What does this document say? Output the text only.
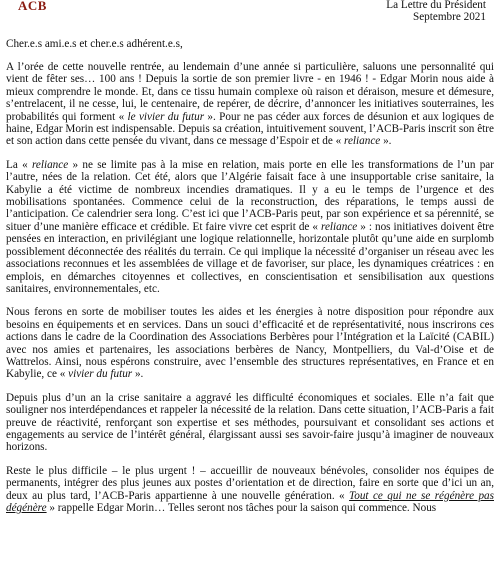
ACB	La Lettre du Président
Septembre 2021
Cher.e.s ami.e.s et cher.e.s adhérent.e.s,

A l’orée de cette nouvelle rentrée, au lendemain d’une année si particulière, saluons une personnalité qui vient de fêter ses… 100 ans ! Depuis la sortie de son premier livre - en 1946 ! - Edgar Morin nous aide à mieux comprendre le monde. Et, dans ce tissu humain complexe où raison et déraison, mesure et démesure, s’entrelacent, il ne cesse, lui, le centenaire, de repérer, de décrire, d’annoncer les initiatives souterraines, les probabilités qui forment « le vivier du futur ». Pour ne pas céder aux forces de désunion et aux logiques de haine, Edgar Morin est indispensable. Depuis sa création, intuitivement souvent, l’ACB-Paris inscrit son être et son action dans cette pensée du vivant, dans ce message d’Espoir et de « reliance ».

La « reliance » ne se limite pas à la mise en relation, mais porte en elle les transformations de l’un par l’autre, nées de la relation. Cet été, alors que l’Algérie faisait face à une insupportable crise sanitaire, la Kabylie a été victime de nombreux incendies dramatiques. Il y a eu le temps de l’urgence et des mobilisations spontanées. Commence celui de la reconstruction, des réparations, le temps aussi de l’anticipation. Ce calendrier sera long. C’est ici que l’ACB-Paris peut, par son expérience et sa pérennité, se situer d’une manière efficace et crédible. Et faire vivre cet esprit de « reliance » : nos initiatives doivent être pensées en interaction, en privilégiant une logique relationnelle, horizontale plutôt qu’une aide en surplomb possiblement déconnectée des réalités du terrain. Ce qui implique la nécessité d’organiser un réseau avec les associations reconnues et les assemblées de village et de favoriser, sur place, les dynamiques créatrices : en emplois, en démarches citoyennes et collectives, en conscientisation et sensibilisation aux questions sanitaires, environnementales, etc.

Nous ferons en sorte de mobiliser toutes les aides et les énergies à notre disposition pour répondre aux besoins en équipements et en services. Dans un souci d’efficacité et de représentativité, nous inscrirons ces actions dans le cadre de la Coordination des Associations Berbères pour l’Intégration et la Laïcité (CABIL) avec nos amies et partenaires, les associations berbères de Nancy, Montpelliers, du Val-d’Oise et de Wattrelos. Ainsi, nous espérons construire, avec l’ensemble des structures représentatives, en France et en Kabylie, ce « vivier du futur ».

Depuis plus d’un an la crise sanitaire a aggravé les difficulté économiques et sociales. Elle n’a fait que souligner nos interdépendances et rappeler la nécessité de la relation. Dans cette situation, l’ACB-Paris a fait preuve de réactivité, renforçant son expertise et ses méthodes, poursuivant et consolidant ses actions et engagements au service de l’intérêt général, élargissant aussi ses savoir-faire jusqu’à imaginer de nouveaux horizons.

Reste le plus difficile – le plus urgent ! – accueillir de nouveaux bénévoles, consolider nos équipes de permanents, intégrer des plus jeunes aux postes d’orientation et de direction, faire en sorte que d’ici un an, deux au plus tard, l’ACB-Paris appartienne à une nouvelle génération. « Tout ce qui ne se régénère pas dégénère » rappelle Edgar Morin… Telles seront nos tâches pour la saison qui commence. Nous
